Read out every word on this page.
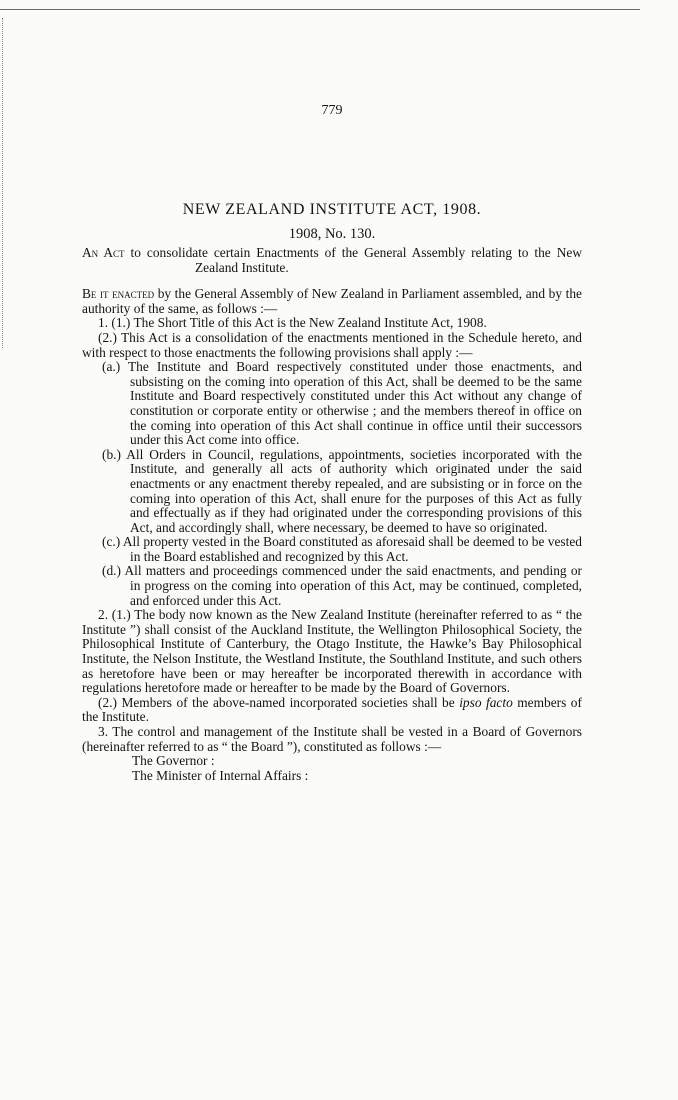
779
NEW ZEALAND INSTITUTE ACT, 1908.
1908, No. 130.

An Act to consolidate certain Enactments of the General Assembly relating to the New Zealand Institute.

Be it enacted by the General Assembly of New Zealand in Parliament assembled, and by the authority of the same, as follows :—

1. (1.) The Short Title of this Act is the New Zealand Institute Act, 1908.

(2.) This Act is a consolidation of the enactments mentioned in the Schedule hereto, and with respect to those enactments the following provisions shall apply :—

(a.) The Institute and Board respectively constituted under those enactments, and subsisting on the coming into operation of this Act, shall be deemed to be the same Institute and Board respectively constituted under this Act without any change of constitution or corporate entity or otherwise ; and the members thereof in office on the coming into operation of this Act shall continue in office until their successors under this Act come into office.

(b.) All Orders in Council, regulations, appointments, societies incorporated with the Institute, and generally all acts of authority which originated under the said enactments or any enactment thereby repealed, and are subsisting or in force on the coming into operation of this Act, shall enure for the purposes of this Act as fully and effectually as if they had originated under the corresponding provisions of this Act, and accordingly shall, where necessary, be deemed to have so originated.

(c.) All property vested in the Board constituted as aforesaid shall be deemed to be vested in the Board established and recognized by this Act.

(d.) All matters and proceedings commenced under the said enactments, and pending or in progress on the coming into operation of this Act, may be continued, completed, and enforced under this Act.

2. (1.) The body now known as the New Zealand Institute (hereinafter referred to as “ the Institute ”) shall consist of the Auckland Institute, the Wellington Philosophical Society, the Philosophical Institute of Canterbury, the Otago Institute, the Hawke’s Bay Philosophical Institute, the Nelson Institute, the Westland Institute, the Southland Institute, and such others as heretofore have been or may hereafter be incorporated therewith in accordance with regulations heretofore made or hereafter to be made by the Board of Governors.

(2.) Members of the above-named incorporated societies shall be ipso facto members of the Institute.

3. The control and management of the Institute shall be vested in a Board of Governors (hereinafter referred to as “ the Board ”), constituted as follows :—

The Governor :

The Minister of Internal Affairs :
